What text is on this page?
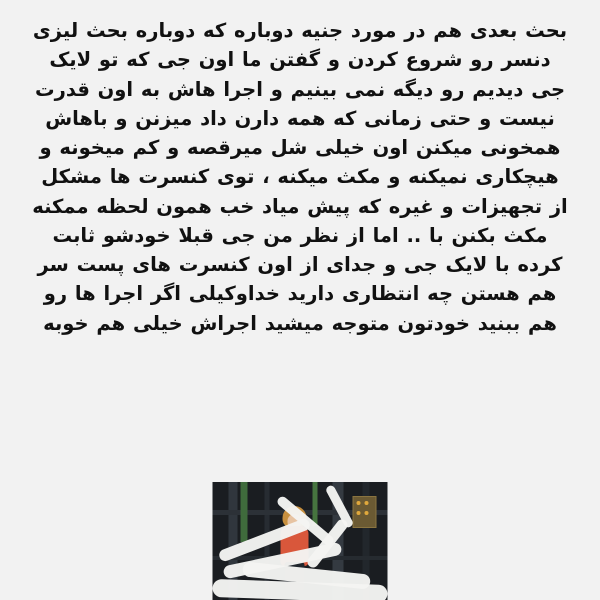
بحث بعدی هم در مورد جنیه دوباره که دوباره بحث لیزی دنسر رو شروع کردن و گفتن ما اون جی که تو لایک جی دیدیم رو دیگه نمی بینیم و اجرا هاش به اون قدرت نیست و حتی زمانی که همه دارن داد میزنن و باهاش همخونی میکنن اون خیلی شل میرقصه و کم میخونه و هیچکاری نمیکنه و مکث میکنه ، توی کنسرت ها مشکل از تجهیزات و غیره که پیش میاد خب همون لحظه ممکنه مکث بکنن با .. اما از نظر من جی قبلا خودشو ثابت کرده با لایک جی و جدای از اون کنسرت های پست سر هم هستن چه انتظاری دارید خداوکیلی اگر اجرا ها رو هم ببنید خودتون متوجه میشید اجراش خیلی هم خوبه
